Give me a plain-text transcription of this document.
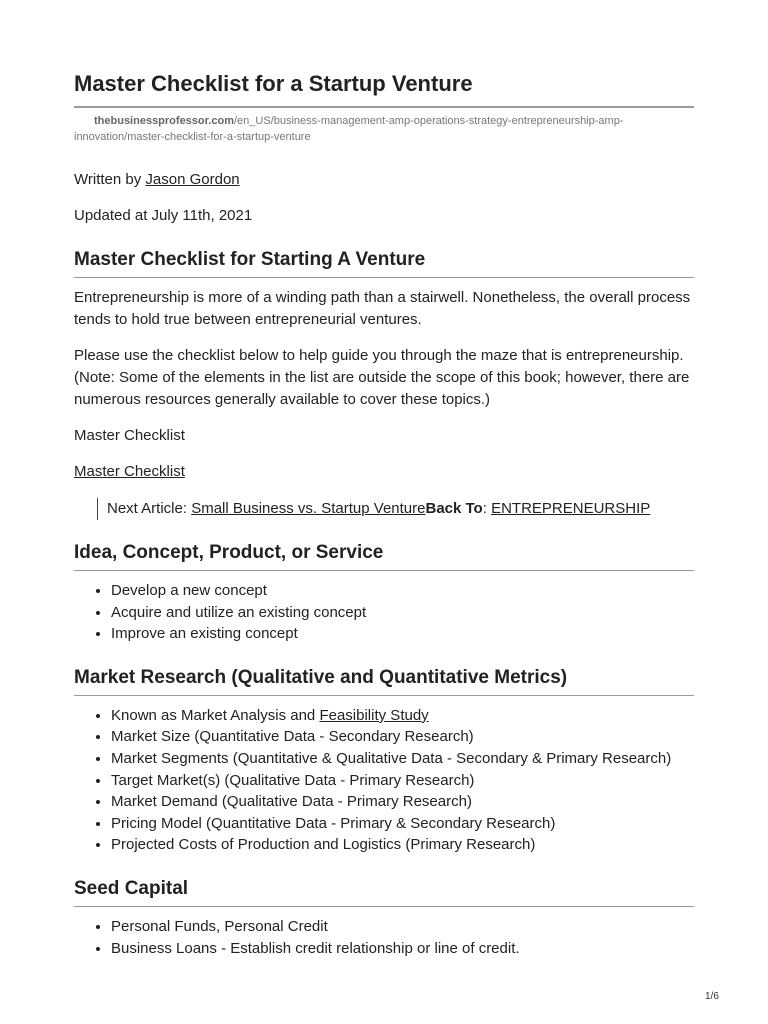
Master Checklist for a Startup Venture
thebusinessprofessor.com/en_US/business-management-amp-operations-strategy-entrepreneurship-amp-innovation/master-checklist-for-a-startup-venture

Written by Jason Gordon

Updated at July 11th, 2021

Master Checklist for Starting A Venture

Entrepreneurship is more of a winding path than a stairwell. Nonetheless, the overall process tends to hold true between entrepreneurial ventures.

Please use the checklist below to help guide you through the maze that is entrepreneurship. (Note: Some of the elements in the list are outside the scope of this book; however, there are numerous resources generally available to cover these topics.)

Master Checklist

Master Checklist

Next Article: Small Business vs. Startup VentureBack To: ENTREPRENEURSHIP
Idea, Concept, Product, or Service
• Develop a new concept
• Acquire and utilize an existing concept
• Improve an existing concept
Market Research (Qualitative and Quantitative Metrics)
• Known as Market Analysis and Feasibility Study
• Market Size (Quantitative Data - Secondary Research)
• Market Segments (Quantitative & Qualitative Data - Secondary & Primary Research)
• Target Market(s) (Qualitative Data - Primary Research)
• Market Demand (Qualitative Data - Primary Research)
• Pricing Model (Quantitative Data - Primary & Secondary Research)
• Projected Costs of Production and Logistics (Primary Research)
Seed Capital
• Personal Funds, Personal Credit
• Business Loans - Establish credit relationship or line of credit.
1/6
